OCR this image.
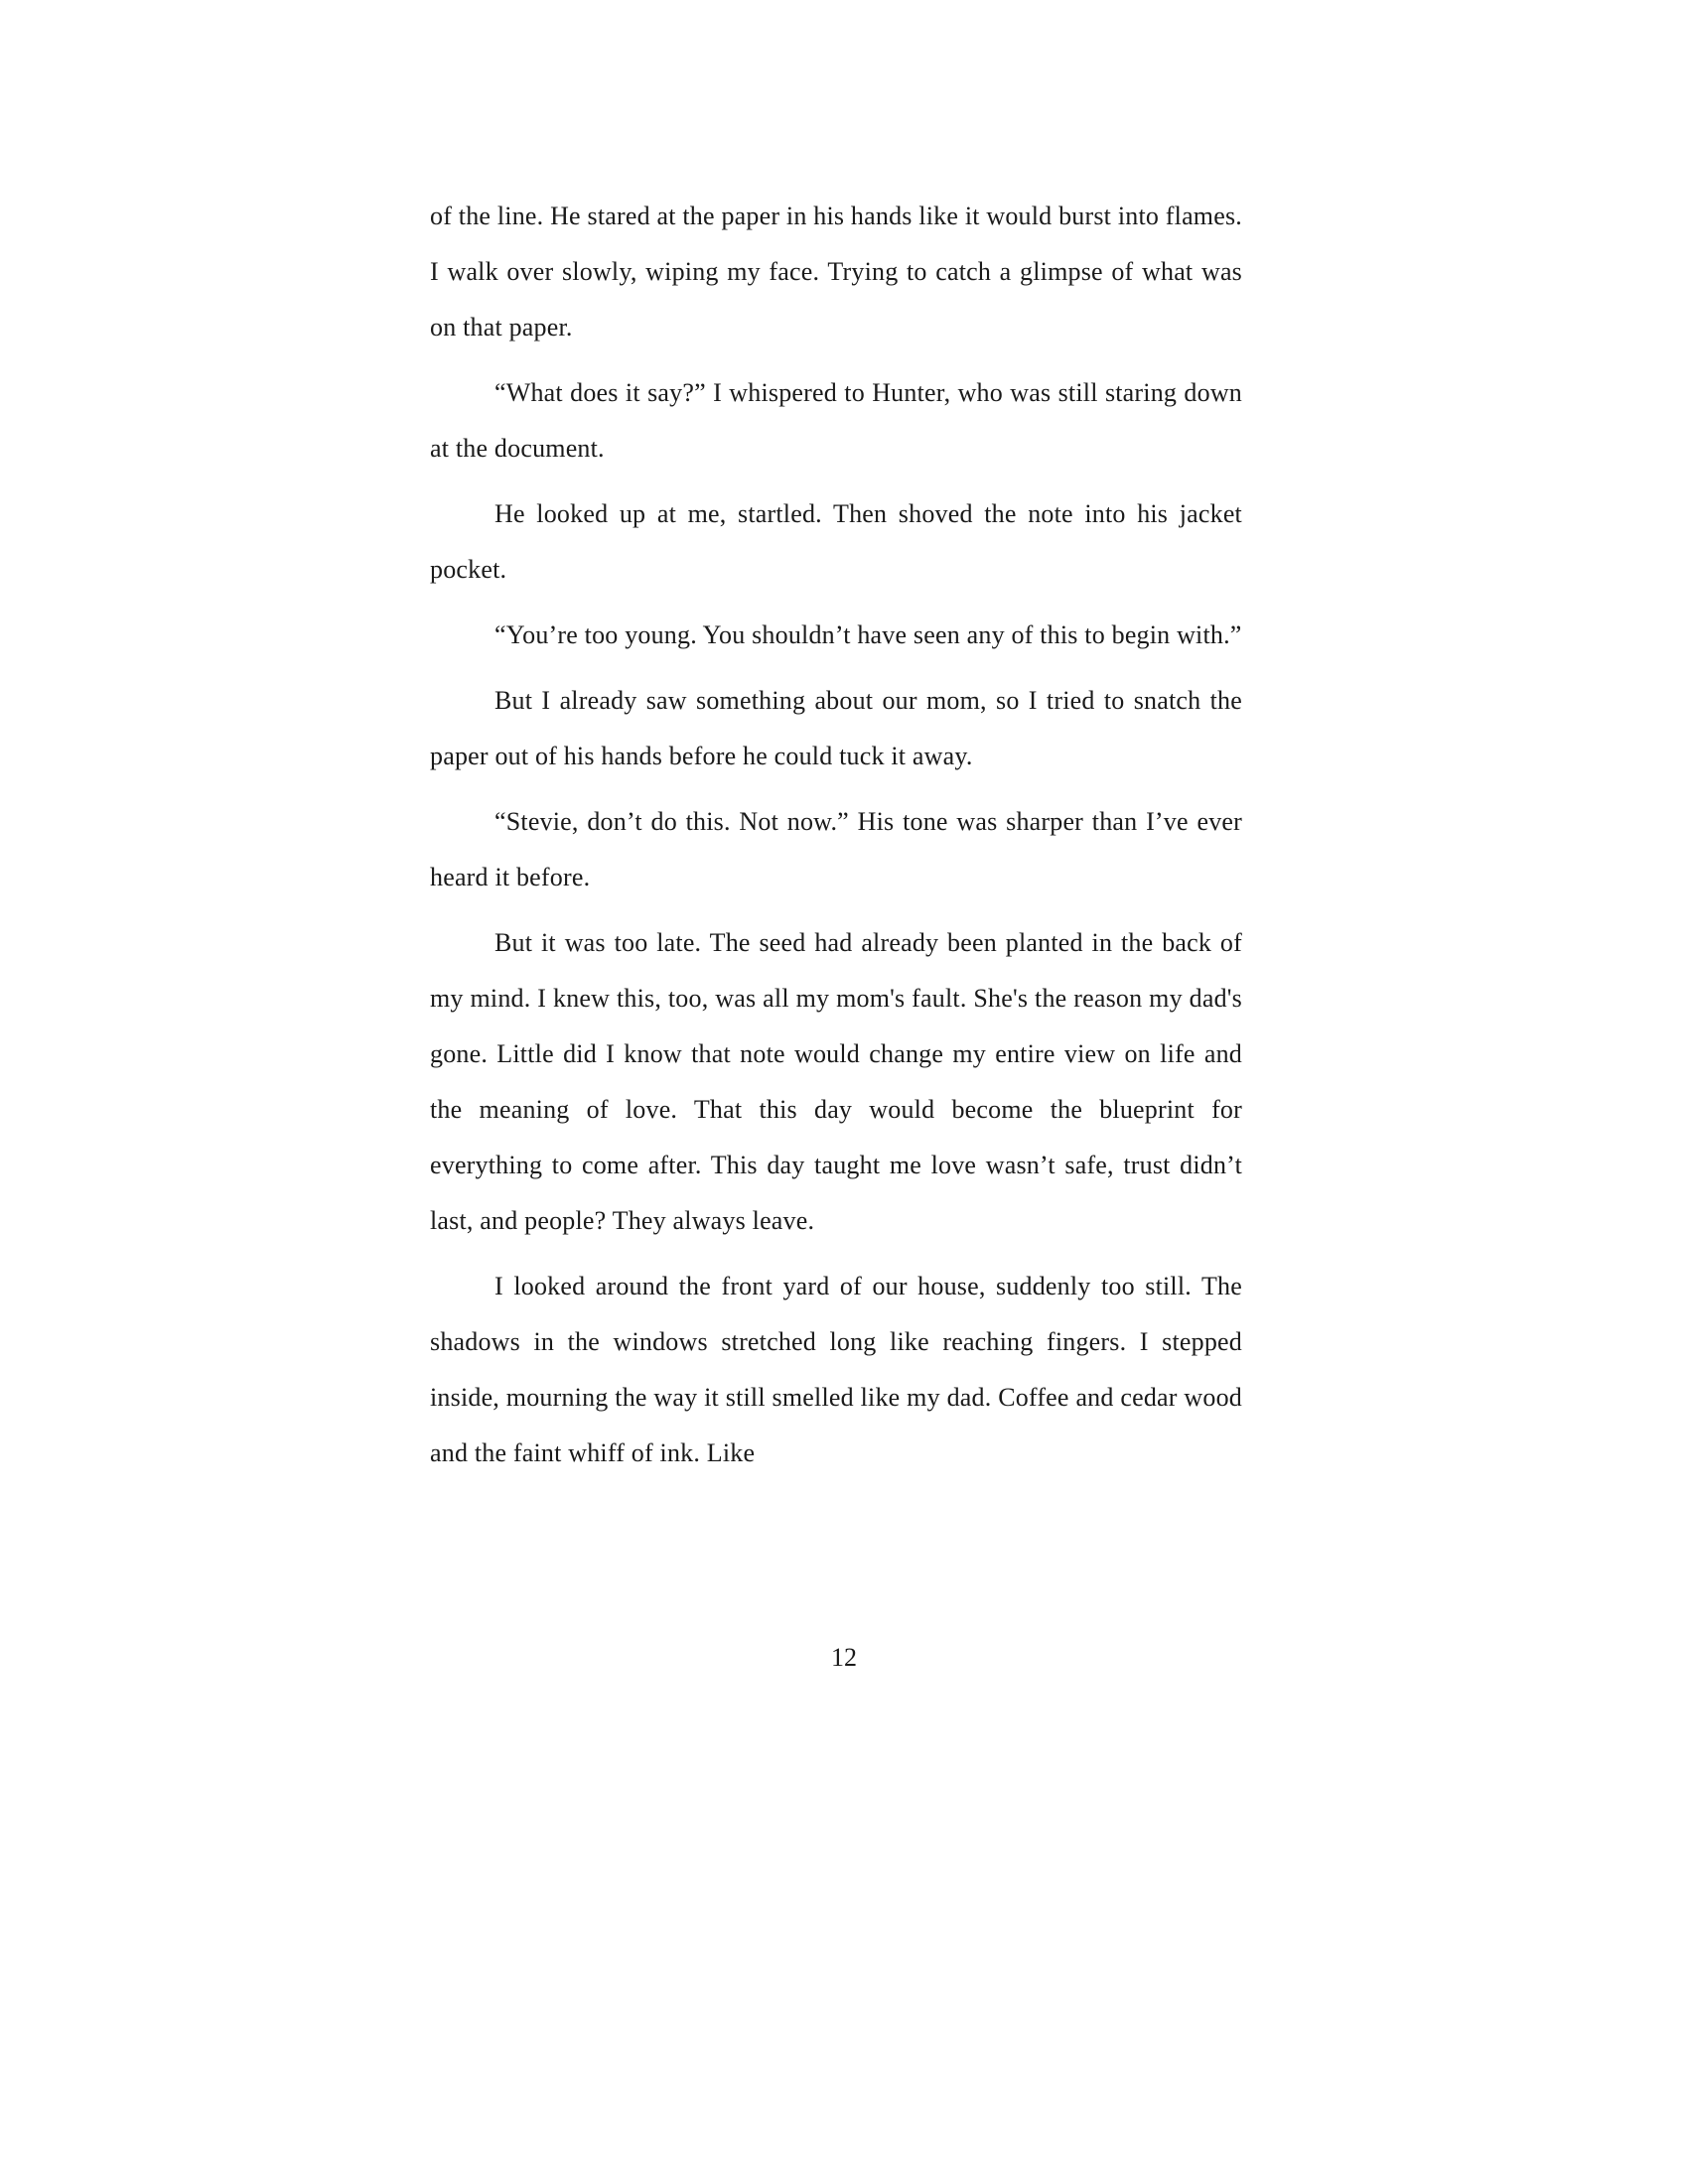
of the line. He stared at the paper in his hands like it would burst into flames. I walk over slowly, wiping my face. Trying to catch a glimpse of what was on that paper.

“What does it say?” I whispered to Hunter, who was still staring down at the document.

He looked up at me, startled. Then shoved the note into his jacket pocket.

“You’re too young. You shouldn’t have seen any of this to begin with.”

But I already saw something about our mom, so I tried to snatch the paper out of his hands before he could tuck it away.

“Stevie, don’t do this. Not now.” His tone was sharper than I’ve ever heard it before.

But it was too late. The seed had already been planted in the back of my mind. I knew this, too, was all my mom's fault. She's the reason my dad's gone. Little did I know that note would change my entire view on life and the meaning of love. That this day would become the blueprint for everything to come after. This day taught me love wasn’t safe, trust didn’t last, and people? They always leave.

I looked around the front yard of our house, suddenly too still. The shadows in the windows stretched long like reaching fingers. I stepped inside, mourning the way it still smelled like my dad. Coffee and cedar wood and the faint whiff of ink. Like

12
